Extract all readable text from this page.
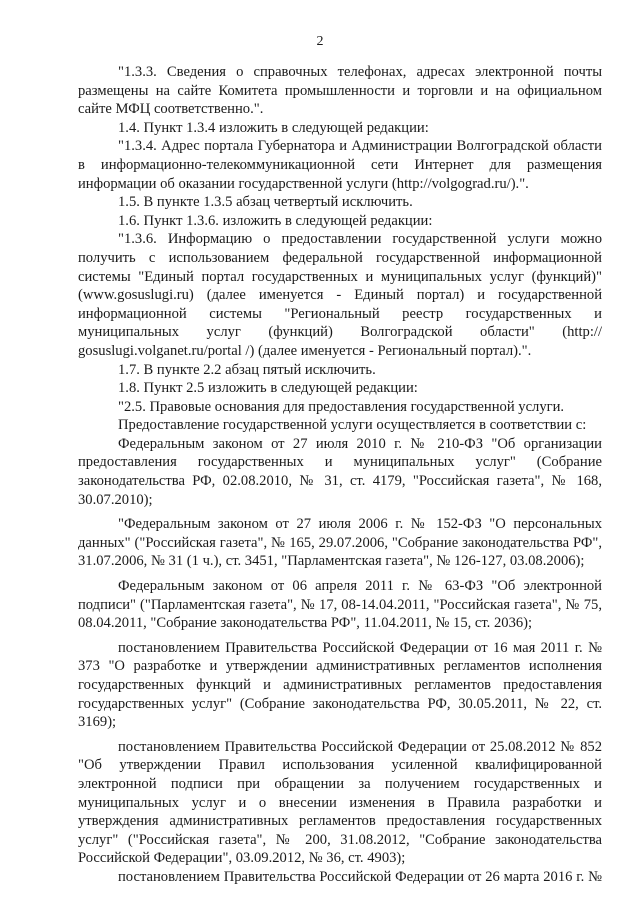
2

"1.3.3. Сведения о справочных телефонах, адресах электронной почты размещены на сайте Комитета промышленности и торговли и на официальном сайте МФЦ соответственно.".

1.4. Пункт 1.3.4 изложить в следующей редакции:

"1.3.4. Адрес портала Губернатора и Администрации Волгоградской области в информационно-телекоммуникационной сети Интернет для размещения информации об оказании государственной услуги (http://volgograd.ru/).".

1.5. В пункте 1.3.5 абзац четвертый исключить.

1.6. Пункт 1.3.6. изложить в следующей редакции:

"1.3.6. Информацию о предоставлении государственной услуги можно получить с использованием федеральной государственной информационной системы "Единый портал государственных и муниципальных услуг (функций)" (www.gosuslugi.ru) (далее именуется - Единый портал) и государственной информационной системы "Региональный реестр государственных и муниципальных услуг (функций) Волгоградской области" (http:// gosuslugi.volganet.ru/portal /) (далее именуется - Региональный портал).".

1.7. В пункте 2.2 абзац пятый исключить.

1.8. Пункт 2.5 изложить в следующей редакции:

"2.5. Правовые основания для предоставления государственной услуги.

Предоставление государственной услуги осуществляется в соответствии с:

Федеральным законом от 27 июля 2010 г. № 210-ФЗ "Об организации предоставления государственных и муниципальных услуг" (Собрание законодательства РФ, 02.08.2010, № 31, ст. 4179, "Российская газета", № 168, 30.07.2010);

"Федеральным законом от 27 июля 2006 г. № 152-ФЗ "О персональных данных" ("Российская газета", № 165, 29.07.2006, "Собрание законодательства РФ", 31.07.2006, № 31 (1 ч.), ст. 3451, "Парламентская газета", № 126-127, 03.08.2006);

Федеральным законом от 06 апреля 2011 г. № 63-ФЗ "Об электронной подписи" ("Парламентская газета", № 17, 08-14.04.2011, "Российская газета", № 75, 08.04.2011, "Собрание законодательства РФ", 11.04.2011, № 15, ст. 2036);

постановлением Правительства Российской Федерации от 16 мая 2011 г. № 373 "О разработке и утверждении административных регламентов исполнения государственных функций и административных регламентов предоставления государственных услуг" (Собрание законодательства РФ, 30.05.2011, № 22, ст. 3169);

постановлением Правительства Российской Федерации от 25.08.2012 № 852 "Об утверждении Правил использования усиленной квалифицированной электронной подписи при обращении за получением государственных и муниципальных услуг и о внесении изменения в Правила разработки и утверждения административных регламентов предоставления государственных услуг" ("Российская газета", № 200, 31.08.2012, "Собрание законодательства Российской Федерации", 03.09.2012, № 36, ст. 4903);

постановлением Правительства Российской Федерации от 26 марта 2016 г. №
